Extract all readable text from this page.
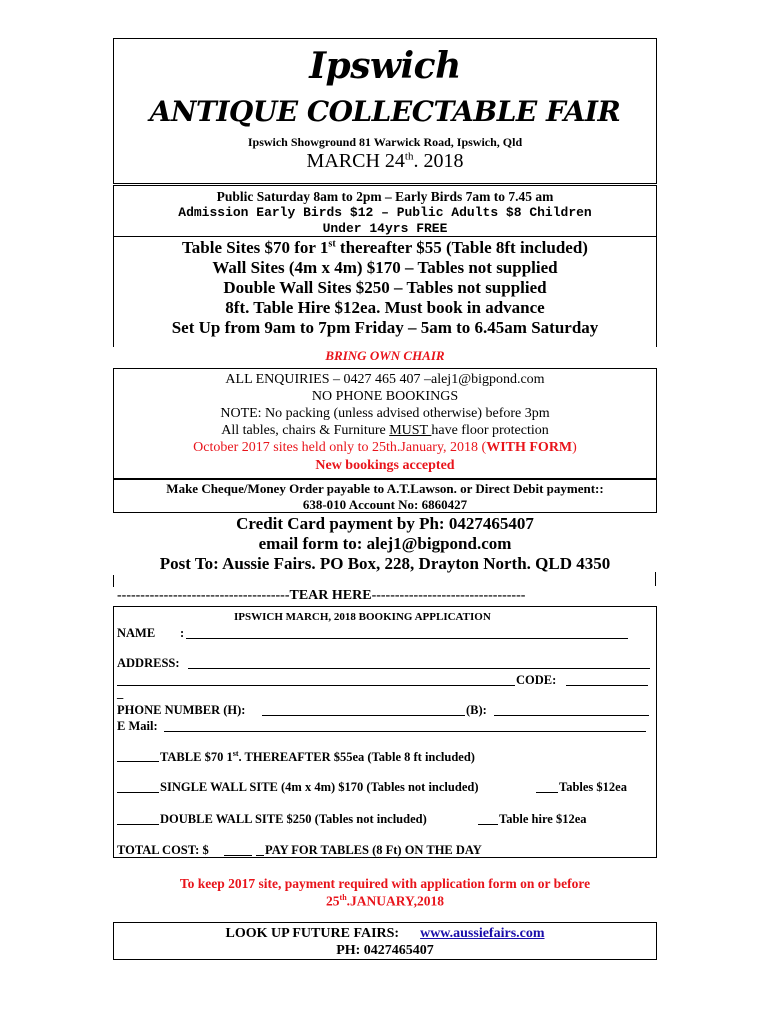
Ipswich
ANTIQUE COLLECTABLE FAIR
Ipswich Showground 81 Warwick Road, Ipswich, Qld
MARCH 24th. 2018
Public Saturday 8am to 2pm – Early Birds 7am to 7.45 am
Admission Early Birds $12 – Public Adults $8 Children
Under 14yrs FREE
Table Sites $70 for 1st thereafter $55 (Table 8ft included)
Wall Sites (4m x 4m) $170 – Tables not supplied
Double Wall Sites $250 – Tables not supplied
8ft. Table Hire $12ea. Must book in advance
Set Up from 9am to 7pm Friday – 5am to 6.45am Saturday
BRING OWN CHAIR
ALL ENQUIRIES – 0427 465 407 –alej1@bigpond.com
NO PHONE BOOKINGS
NOTE: No packing (unless advised otherwise) before 3pm
All tables, chairs & Furniture MUST have floor protection
October 2017 sites held only to 25th.January, 2018 (WITH FORM)
New bookings accepted
Make Cheque/Money Order payable to A.T.Lawson. or Direct Debit payment::
638-010 Account No: 6860427
Credit Card payment by Ph: 0427465407
email form to: alej1@bigpond.com
Post To: Aussie Fairs. PO Box, 228, Drayton North. QLD 4350
-------------------------------------TEAR HERE---------------------------------
IPSWICH MARCH, 2018 BOOKING APPLICATION
NAME :
ADDRESS:
CODE:
_
PHONE NUMBER (H):	(B):
E Mail:
TABLE $70 1st. THEREAFTER $55ea (Table 8 ft included)
SINGLE WALL SITE (4m x 4m) $170 (Tables not included)	Tables $12ea
DOUBLE WALL SITE $250 (Tables not included)	Table hire $12ea
TOTAL COST: $	PAY FOR TABLES (8 Ft) ON THE DAY
To keep 2017 site, payment required with application form on or before
25th.JANUARY,2018
LOOK UP FUTURE FAIRS: www.aussiefairs.com
PH: 0427465407
